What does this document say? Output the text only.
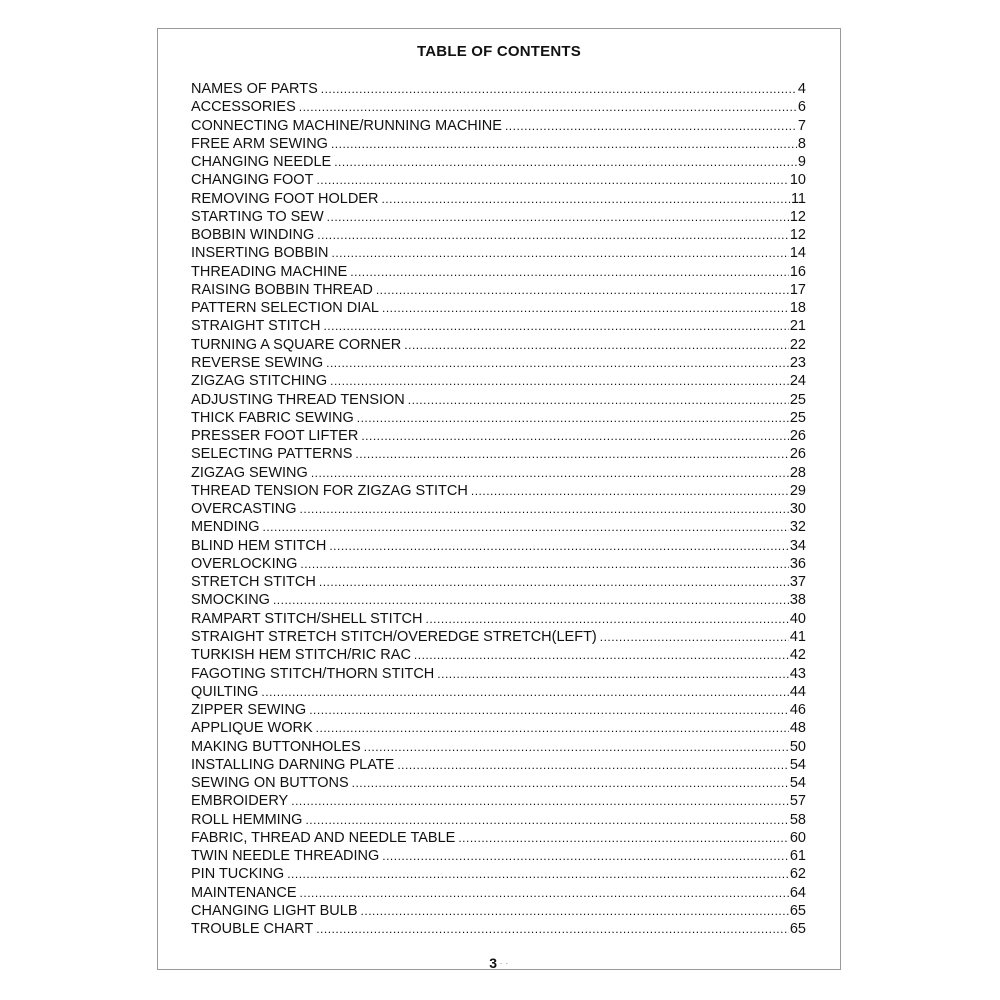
TABLE OF CONTENTS
NAMES OF PARTS .....	4
ACCESSORIES .....	6
CONNECTING MACHINE/RUNNING MACHINE .....	7
FREE ARM SEWING .....	8
CHANGING NEEDLE .....	9
CHANGING FOOT .....	10
REMOVING FOOT HOLDER .....	11
STARTING TO SEW .....	12
BOBBIN WINDING .....	12
INSERTING BOBBIN .....	14
THREADING MACHINE .....	16
RAISING BOBBIN THREAD .....	17
PATTERN SELECTION DIAL .....	18
STRAIGHT STITCH .....	21
TURNING A SQUARE CORNER .....	22
REVERSE SEWING .....	23
ZIGZAG STITCHING .....	24
ADJUSTING THREAD TENSION .....	25
THICK FABRIC SEWING .....	25
PRESSER FOOT LIFTER .....	26
SELECTING PATTERNS .....	26
ZIGZAG SEWING .....	28
THREAD TENSION FOR ZIGZAG STITCH .....	29
OVERCASTING .....	30
MENDING .....	32
BLIND HEM STITCH .....	34
OVERLOCKING .....	36
STRETCH STITCH .....	37
SMOCKING .....	38
RAMPART STITCH/SHELL STITCH .....	40
STRAIGHT STRETCH STITCH/OVEREDGE STRETCH(LEFT) .....	41
TURKISH HEM STITCH/RIC RAC .....	42
FAGOTING STITCH/THORN STITCH .....	43
QUILTING .....	44
ZIPPER SEWING .....	46
APPLIQUE WORK .....	48
MAKING BUTTONHOLES .....	50
INSTALLING DARNING PLATE .....	54
SEWING ON BUTTONS .....	54
EMBROIDERY .....	57
ROLL HEMMING .....	58
FABRIC, THREAD AND NEEDLE TABLE .....	60
TWIN NEEDLE THREADING .....	61
PIN TUCKING .....	62
MAINTENANCE .....	64
CHANGING LIGHT BULB .....	65
TROUBLE CHART .....	65
3 - -
